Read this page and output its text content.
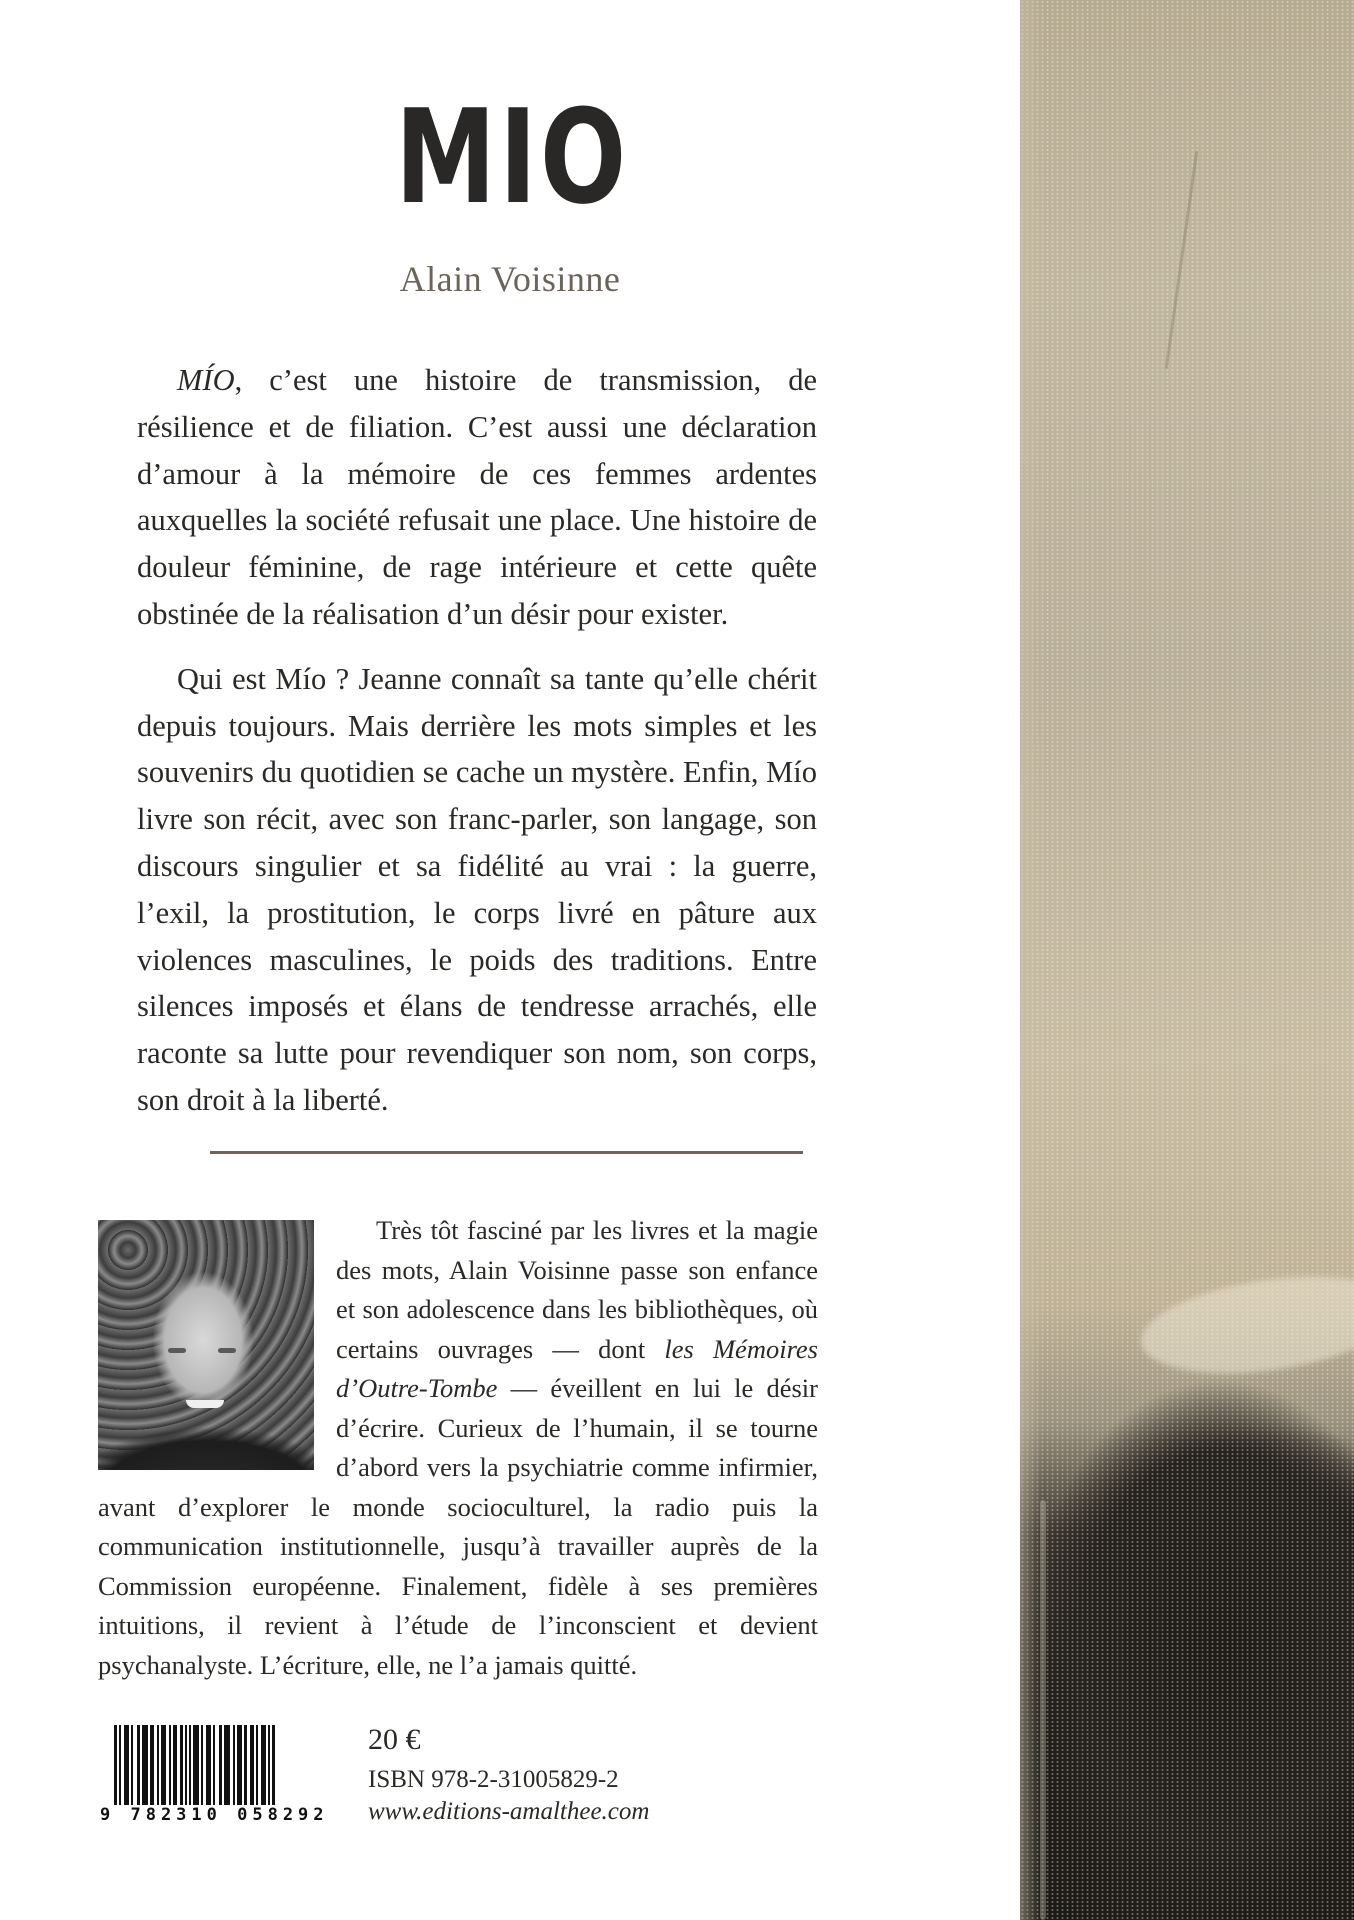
MIO
Alain Voisinne

MÍO, c’est une histoire de transmission, de résilience et de filiation. C’est aussi une déclaration d’amour à la mémoire de ces femmes ardentes auxquelles la société refusait une place. Une histoire de douleur féminine, de rage intérieure et cette quête obstinée de la réalisation d’un désir pour exister.

Qui est Mío ? Jeanne connaît sa tante qu’elle chérit depuis toujours. Mais derrière les mots simples et les souvenirs du quotidien se cache un mystère. Enfin, Mío livre son récit, avec son franc-parler, son langage, son discours singulier et sa fidélité au vrai : la guerre, l’exil, la prostitution, le corps livré en pâture aux violences masculines, le poids des traditions. Entre silences imposés et élans de tendresse arrachés, elle raconte sa lutte pour revendiquer son nom, son corps, son droit à la liberté.

Très tôt fasciné par les livres et la magie des mots, Alain Voisinne passe son enfance et son adolescence dans les bibliothèques, où certains ouvrages — dont les Mémoires d’Outre-Tombe — éveillent en lui le désir d’écrire. Curieux de l’humain, il se tourne d’abord vers la psychiatrie comme infirmier, avant d’explorer le monde socioculturel, la radio puis la communication institutionnelle, jusqu’à travailler auprès de la Commission européenne. Finalement, fidèle à ses premières intuitions, il revient à l’étude de l’inconscient et devient psychanalyste. L’écriture, elle, ne l’a jamais quitté.

9 782310 058292
20 €
ISBN 978-2-31005829-2
www.editions-amalthee.com
